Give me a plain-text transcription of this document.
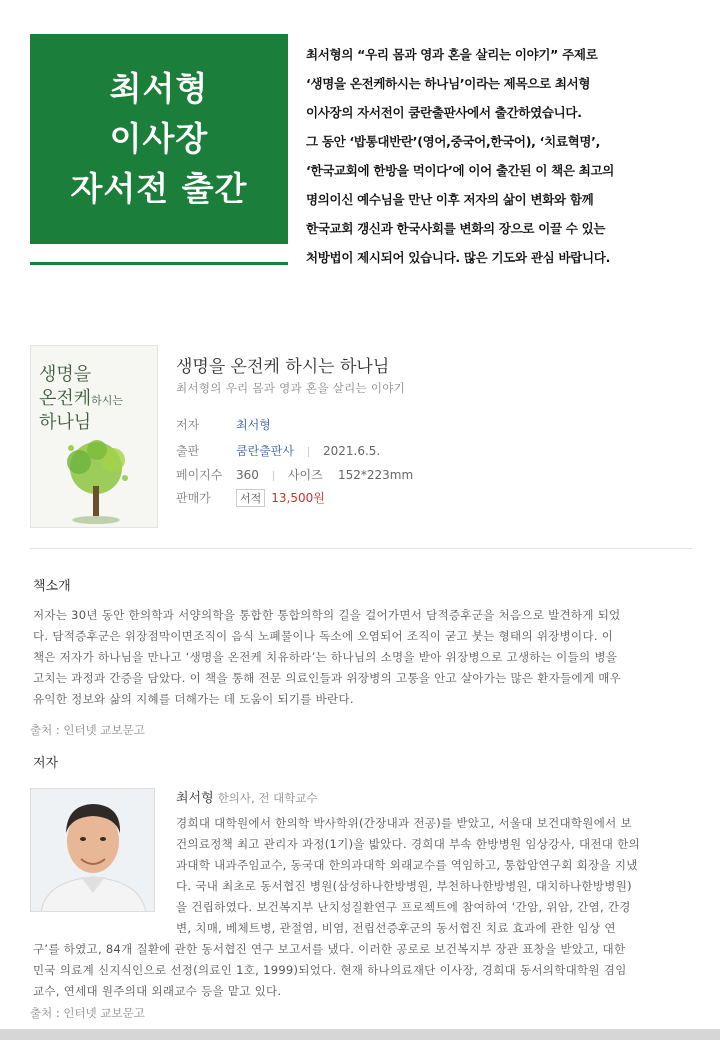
최서형
이사장
자서전 출간

최서형의 “우리 몸과 영과 혼을 살리는 이야기” 주제로

‘생명을 온전케하시는 하나님’이라는 제목으로 최서형

이사장의 자서전이 쿰란출판사에서 출간하였습니다.

그 동안 ‘밥통대반란’(영어,중국어,한국어), ‘치료혁명’,

‘한국교회에 한방을 먹이다’에 이어 출간된 이 책은 최고의

명의이신 예수님을 만난 이후 저자의 삶이 변화와 함께

한국교회 갱신과 한국사회를 변화의 장으로 이끌 수 있는

처방법이 제시되어 있습니다. 많은 기도와 관심 바랍니다.

생명을
온전케하시는
하나님
생명을 온전케 하시는 하나님
최서형의 우리 몸과 영과 혼을 살리는 이야기
저자	최서형
출판	쿰란출판사 2021.6.5.
페이지수 360 사이즈 152*223mm
판매가	서적 13,500원
책소개
저자는 30년 동안 한의학과 서양의학을 통합한 통합의학의 길을 걸어가면서 담적증후군을 처음으로 발견하게 되었
다. 담적증후군은 위장점막이면조직이 음식 노폐물이나 독소에 오염되어 조직이 굳고 붓는 형태의 위장병이다. 이
책은 저자가 하나님을 만나고 ‘생명을 온전케 치유하라’는 하나님의 소명을 받아 위장병으로 고생하는 이들의 병을
고치는 과정과 간증을 담았다. 이 책을 통해 전문 의료인들과 위장병의 고통을 안고 살아가는 많은 환자들에게 매우
유익한 정보와 삶의 지혜를 더해가는 데 도움이 되기를 바란다.
출처 : 인터넷 교보문고
저자
최서형 한의사, 전 대학교수
경희대 대학원에서 한의학 박사학위(간장내과 전공)를 받았고, 서울대 보건대학원에서 보
건의료정책 최고 관리자 과정(1기)을 밟았다. 경희대 부속 한방병원 임상강사, 대전대 한의
과대학 내과주임교수, 동국대 한의과대학 외래교수를 역임하고, 통합암연구회 회장을 지냈
다. 국내 최초로 동서협진 병원(삼성하나한방병원, 부천하나한방병원, 대치하나한방병원)
을 건립하였다. 보건복지부 난치성질환연구 프로젝트에 참여하여 ‘간암, 위암, 간염, 간경
변, 치매, 베체트병, 관절염, 비염, 전립선증후군의 동서협진 치료 효과에 관한 임상 연
구’를 하였고, 84개 질환에 관한 동서협진 연구 보고서를 냈다. 이러한 공로로 보건복지부 장관 표창을 받았고, 대한
민국 의료계 신지식인으로 선정(의료인 1호, 1999)되었다. 현재 하나의료재단 이사장, 경희대 동서의학대학원 겸임
교수, 연세대 원주의대 외래교수 등을 맡고 있다.
출처 : 인터넷 교보문고
